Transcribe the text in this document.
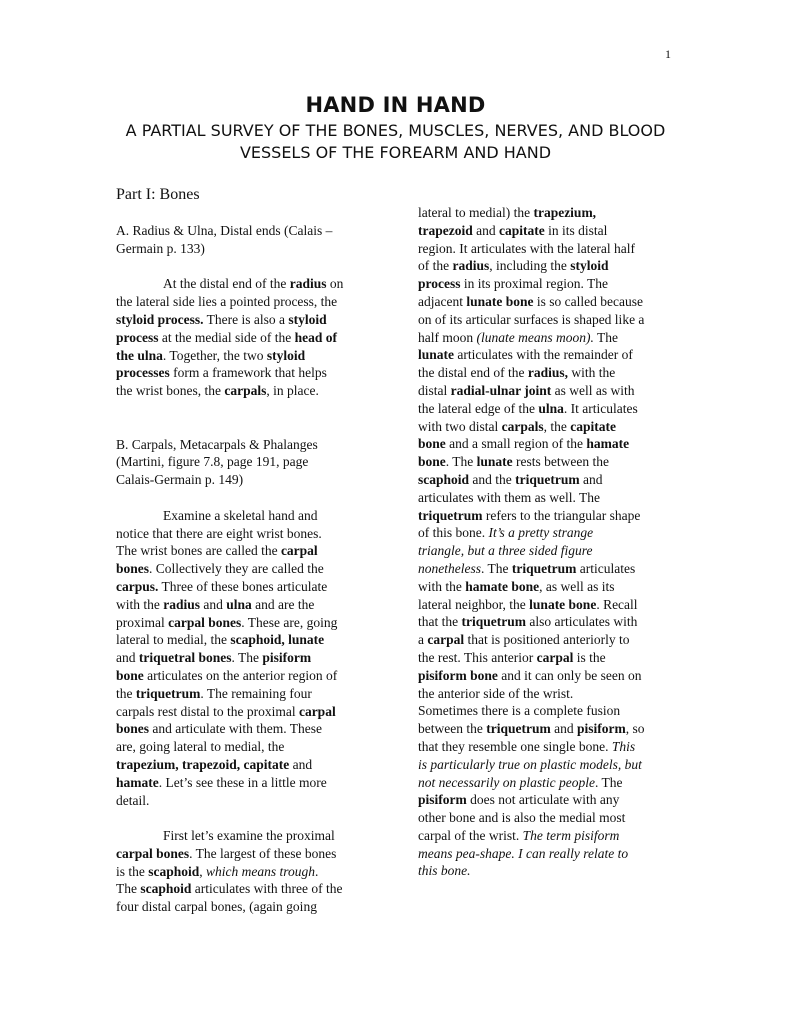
1
HAND IN HAND

A PARTIAL SURVEY OF THE BONES, MUSCLES, NERVES, AND BLOOD VESSELS OF THE FOREARM AND HAND

Part I: Bones

A. Radius & Ulna, Distal ends (Calais –
Germain p. 133)

At the distal end of the radius on
the lateral side lies a pointed process, the
styloid process. There is also a styloid
process at the medial side of the head of
the ulna. Together, the two styloid
processes form a framework that helps
the wrist bones, the carpals, in place.

B. Carpals, Metacarpals & Phalanges
(Martini, figure 7.8, page 191, page
Calais-Germain p. 149)

Examine a skeletal hand and
notice that there are eight wrist bones.
The wrist bones are called the carpal
bones. Collectively they are called the
carpus. Three of these bones articulate
with the radius and ulna and are the
proximal carpal bones. These are, going
lateral to medial, the scaphoid, lunate
and triquetral bones. The pisiform
bone articulates on the anterior region of
the triquetrum. The remaining four
carpals rest distal to the proximal carpal
bones and articulate with them. These
are, going lateral to medial, the
trapezium, trapezoid, capitate and
hamate. Let’s see these in a little more
detail.

First let’s examine the proximal
carpal bones. The largest of these bones
is the scaphoid, which means trough.
The scaphoid articulates with three of the
four distal carpal bones, (again going

lateral to medial) the trapezium,
trapezoid and capitate in its distal
region. It articulates with the lateral half
of the radius, including the styloid
process in its proximal region. The
adjacent lunate bone is so called because
on of its articular surfaces is shaped like a
half moon (lunate means moon). The
lunate articulates with the remainder of
the distal end of the radius, with the
distal radial-ulnar joint as well as with
the lateral edge of the ulna. It articulates
with two distal carpals, the capitate
bone and a small region of the hamate
bone. The lunate rests between the
scaphoid and the triquetrum and
articulates with them as well. The
triquetrum refers to the triangular shape
of this bone. It’s a pretty strange
triangle, but a three sided figure
nonetheless. The triquetrum articulates
with the hamate bone, as well as its
lateral neighbor, the lunate bone. Recall
that the triquetrum also articulates with
a carpal that is positioned anteriorly to
the rest. This anterior carpal is the
pisiform bone and it can only be seen on
the anterior side of the wrist.

Sometimes there is a complete fusion
between the triquetrum and pisiform, so
that they resemble one single bone. This
is particularly true on plastic models, but
not necessarily on plastic people. The
pisiform does not articulate with any
other bone and is also the medial most
carpal of the wrist. The term pisiform
means pea-shape. I can really relate to
this bone.
